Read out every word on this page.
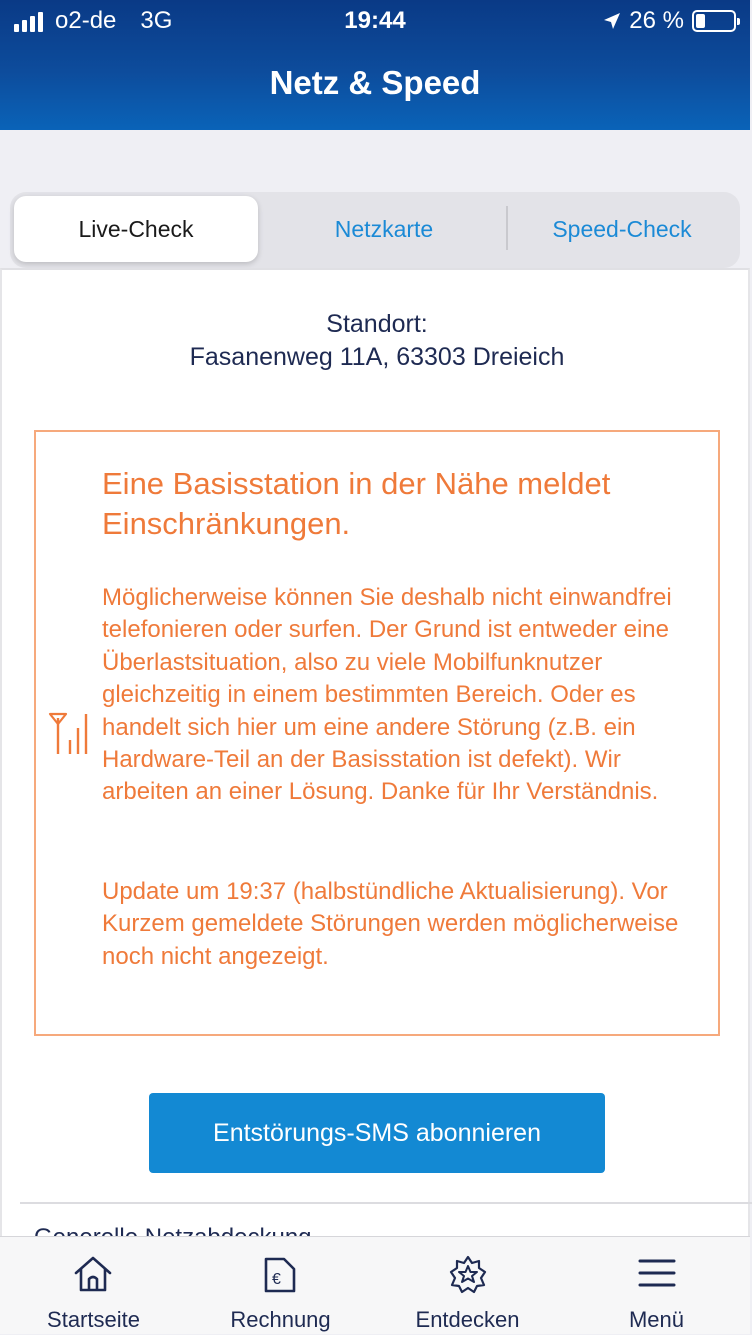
o2-de 3G	19:44	26 %
Netz & Speed
Live-Check	Netzkarte	Speed-Check
Standort:
Fasanenweg 11A, 63303 Dreieich
Eine Basisstation in der Nähe meldet Einschränkungen.
Möglicherweise können Sie deshalb nicht einwandfrei telefonieren oder surfen. Der Grund ist entweder eine Überlastsituation, also zu viele Mobilfunknutzer gleichzeitig in einem bestimmten Bereich. Oder es handelt sich hier um eine andere Störung (z.B. ein Hardware-Teil an der Basisstation ist defekt). Wir arbeiten an einer Lösung. Danke für Ihr Verständnis.
Update um 19:37 (halbstündliche Aktualisierung). Vor Kurzem gemeldete Störungen werden möglicherweise noch nicht angezeigt.
Entstörungs-SMS abonnieren
Startseite
€
Rechnung	Entdecken	Menü
